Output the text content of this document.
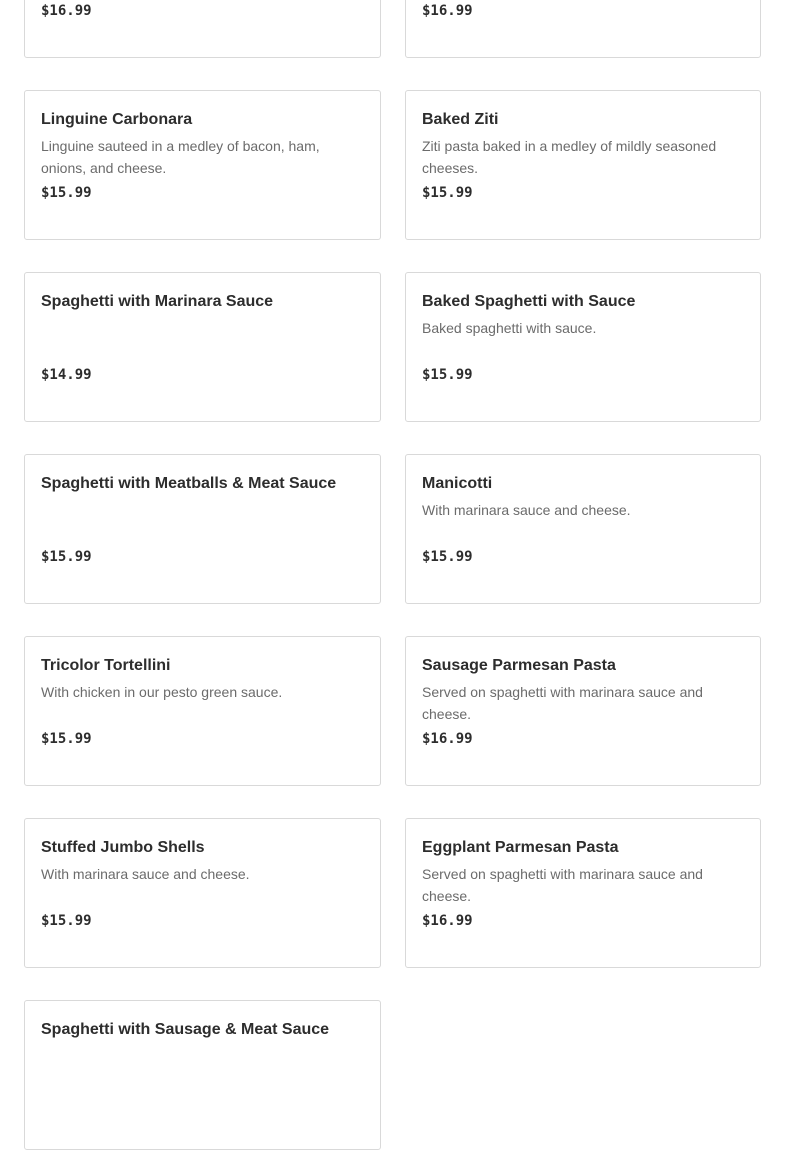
$16.99	$16.99
Linguine Carbonara
Linguine sauteed in a medley of bacon, ham, onions, and cheese.
$15.99
Baked Ziti
Ziti pasta baked in a medley of mildly seasoned cheeses.
$15.99
Spaghetti with Marinara Sauce
$14.99
Baked Spaghetti with Sauce
Baked spaghetti with sauce.
$15.99
Spaghetti with Meatballs & Meat Sauce
$15.99
Manicotti
With marinara sauce and cheese.
$15.99
Tricolor Tortellini
With chicken in our pesto green sauce.
$15.99
Sausage Parmesan Pasta
Served on spaghetti with marinara sauce and cheese.
$16.99
Stuffed Jumbo Shells
With marinara sauce and cheese.
$15.99
Eggplant Parmesan Pasta
Served on spaghetti with marinara sauce and cheese.
$16.99
Spaghetti with Sausage & Meat Sauce
